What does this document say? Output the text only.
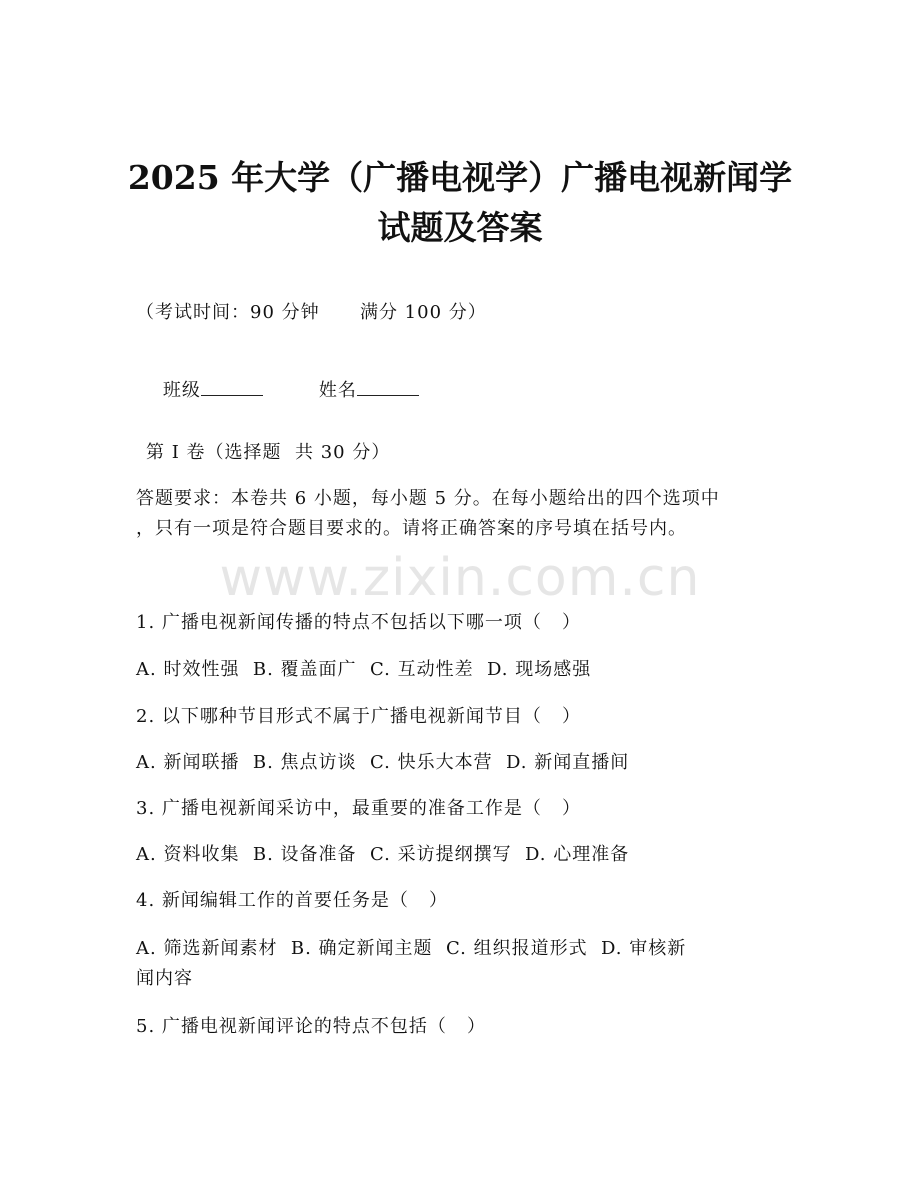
2025 年大学（广播电视学）广播电视新闻学
试题及答案
（考试时间：90 分钟      满分 100 分）

班级	姓名

第 I 卷（选择题  共 30 分）
答题要求：本卷共 6 小题，每小题 5 分。在每小题给出的四个选项中
，只有一项是符合题目要求的。请将正确答案的序号填在括号内。
www.zixin.com.cn
1. 广播电视新闻传播的特点不包括以下哪一项（   ）
A. 时效性强  B. 覆盖面广  C. 互动性差  D. 现场感强
2. 以下哪种节目形式不属于广播电视新闻节目（   ）
A. 新闻联播  B. 焦点访谈  C. 快乐大本营  D. 新闻直播间
3. 广播电视新闻采访中，最重要的准备工作是（   ）
A. 资料收集  B. 设备准备  C. 采访提纲撰写  D. 心理准备
4. 新闻编辑工作的首要任务是（   ）
A. 筛选新闻素材  B. 确定新闻主题  C. 组织报道形式  D. 审核新
闻内容
5. 广播电视新闻评论的特点不包括（   ）
